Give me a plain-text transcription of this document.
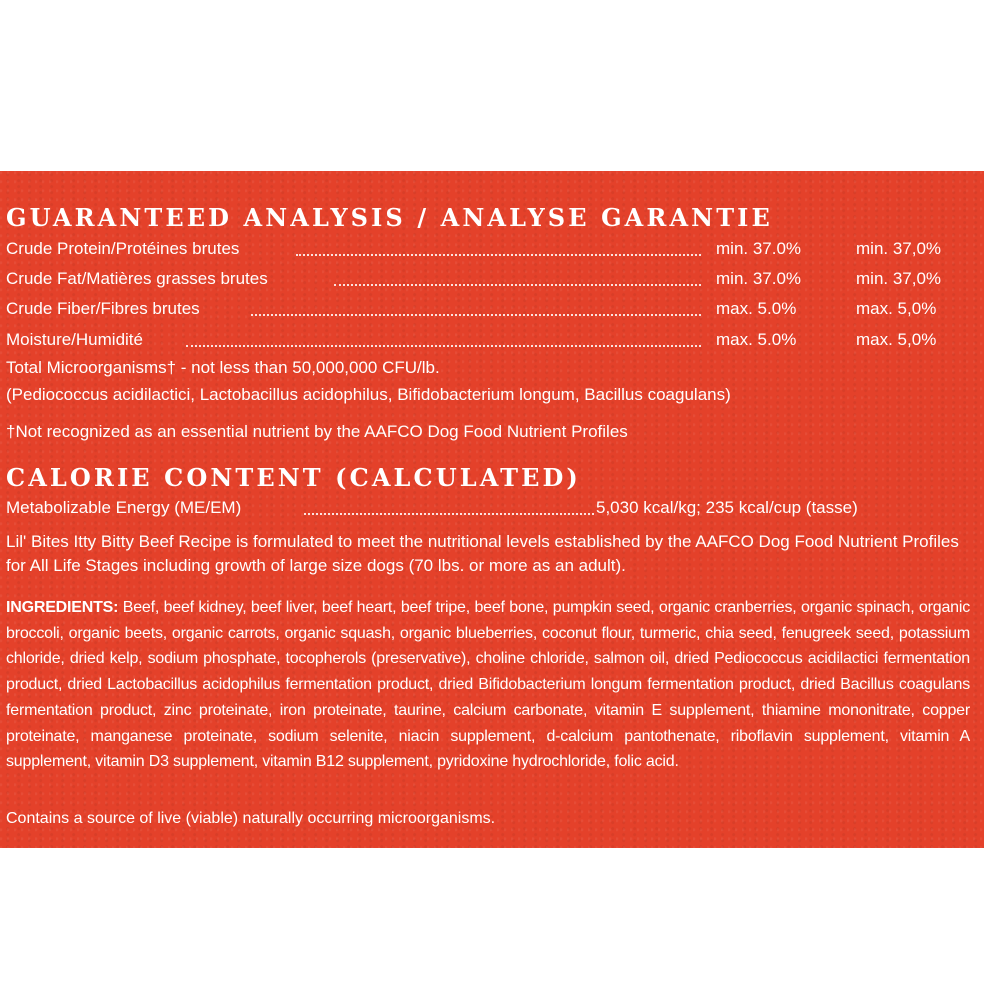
GUARANTEED ANALYSIS / ANALYSE GARANTIE
Crude Protein/Protéines brutes	min. 37.0%	min. 37,0%
Crude Fat/Matières grasses brutes	min. 37.0%	min. 37,0%
Crude Fiber/Fibres brutes	max. 5.0%	max. 5,0%
Moisture/Humidité	max. 5.0%	max. 5,0%
Total Microorganisms† - not less than 50,000,000 CFU/lb.
(Pediococcus acidilactici, Lactobacillus acidophilus, Bifidobacterium longum, Bacillus coagulans)
†Not recognized as an essential nutrient by the AAFCO Dog Food Nutrient Profiles
CALORIE CONTENT (CALCULATED)
Metabolizable Energy (ME/EM)	5,030 kcal/kg; 235 kcal/cup (tasse)
Lil' Bites Itty Bitty Beef Recipe is formulated to meet the nutritional levels established by the AAFCO Dog Food Nutrient Profiles for All Life Stages including growth of large size dogs (70 lbs. or more as an adult).
INGREDIENTS: Beef, beef kidney, beef liver, beef heart, beef tripe, beef bone, pumpkin seed, organic cranberries, organic spinach, organic broccoli, organic beets, organic carrots, organic squash, organic blueberries, coconut flour, turmeric, chia seed, fenugreek seed, potassium chloride, dried kelp, sodium phosphate, tocopherols (preservative), choline chloride, salmon oil, dried Pediococcus acidilactici fermentation product, dried Lactobacillus acidophilus fermentation product, dried Bifidobacterium longum fermentation product, dried Bacillus coagulans fermentation product, zinc proteinate, iron proteinate, taurine, calcium carbonate, vitamin E supplement, thiamine mononitrate, copper proteinate, manganese proteinate, sodium selenite, niacin supplement, d-calcium pantothenate, riboflavin supplement, vitamin A supplement, vitamin D3 supplement, vitamin B12 supplement, pyridoxine hydrochloride, folic acid.
Contains a source of live (viable) naturally occurring microorganisms.
